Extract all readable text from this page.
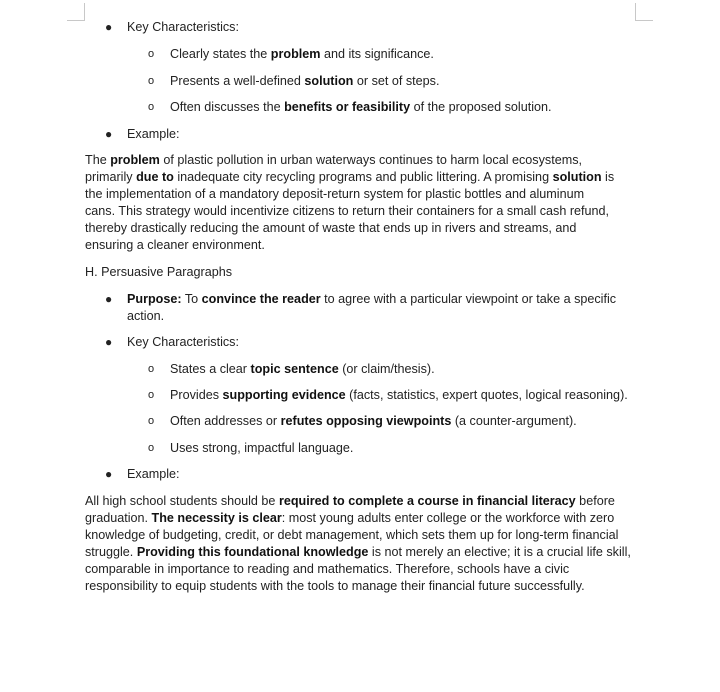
● Key Characteristics:
o Clearly states the problem and its significance.
o Presents a well-defined solution or set of steps.
o Often discusses the benefits or feasibility of the proposed solution.
● Example:
The problem of plastic pollution in urban waterways continues to harm local ecosystems,
primarily due to inadequate city recycling programs and public littering. A promising solution is
the implementation of a mandatory deposit-return system for plastic bottles and aluminum
cans. This strategy would incentivize citizens to return their containers for a small cash refund,
thereby drastically reducing the amount of waste that ends up in rivers and streams, and
ensuring a cleaner environment.
H. Persuasive Paragraphs
● Purpose: To convince the reader to agree with a particular viewpoint or take a specific
action.
● Key Characteristics:
o States a clear topic sentence (or claim/thesis).
o Provides supporting evidence (facts, statistics, expert quotes, logical reasoning).
o Often addresses or refutes opposing viewpoints (a counter-argument).
o Uses strong, impactful language.
● Example:
All high school students should be required to complete a course in financial literacy before
graduation. The necessity is clear: most young adults enter college or the workforce with zero
knowledge of budgeting, credit, or debt management, which sets them up for long-term financial
struggle. Providing this foundational knowledge is not merely an elective; it is a crucial life skill,
comparable in importance to reading and mathematics. Therefore, schools have a civic
responsibility to equip students with the tools to manage their financial future successfully.
